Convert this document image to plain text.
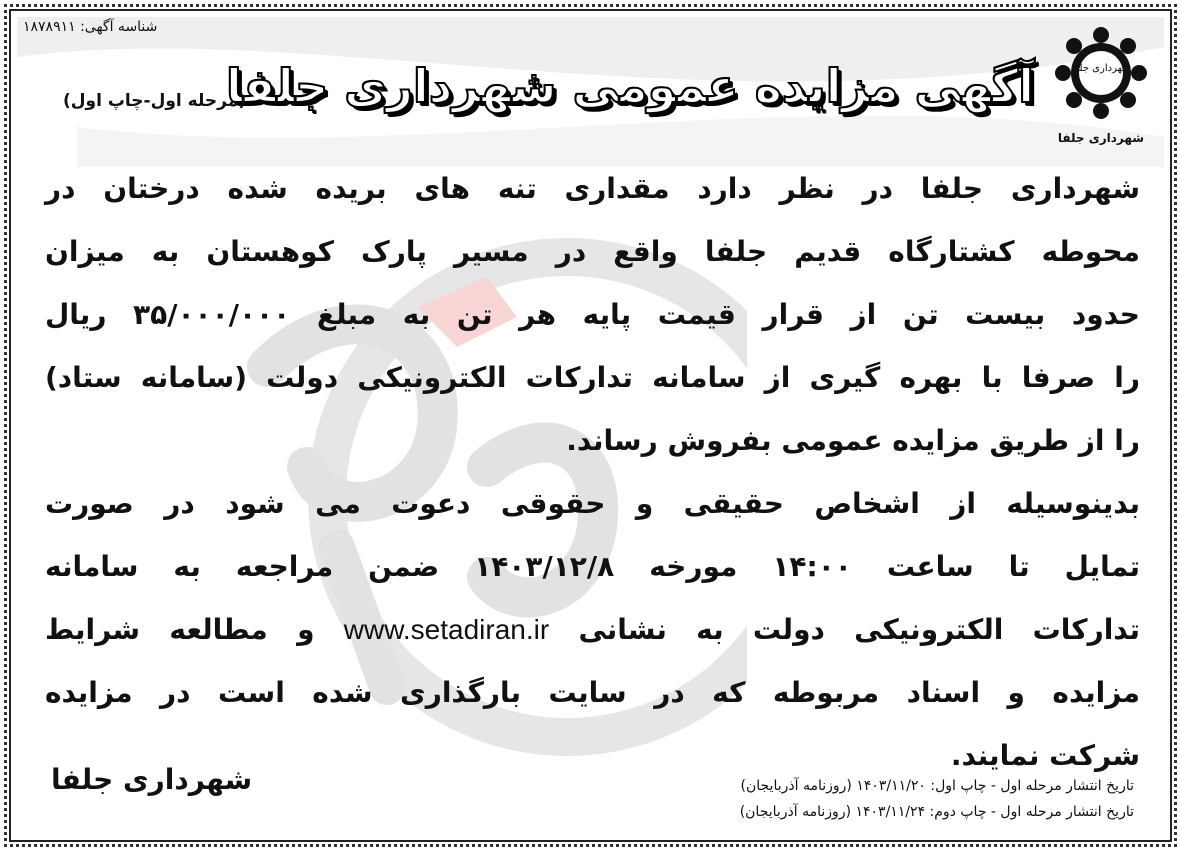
شناسه آگهی: ۱۸۷۸۹۱۱
شهرداری جلفا
شهرداری جلفا
آگهی مزایده عمومی شهرداری جلفا
(مرحله اول-چاپ اول)

شهرداری جلفا در نظر دارد مقداری تنه های بریده شده درختان در

محوطه کشتارگاه قدیم جلفا واقع در مسیر پارک کوهستان به میزان

حدود بیست تن از قرار قیمت پایه هر تن به مبلغ ۳۵/۰۰۰/۰۰۰ ریال

را صرفا با بهره گیری از سامانه تدارکات الکترونیکی دولت (سامانه ستاد)

را از طریق مزایده عمومی بفروش رساند.

بدینوسیله از اشخاص حقیقی و حقوقی دعوت می شود در صورت

تمایل تا ساعت ۱۴:۰۰ مورخه ۱۴۰۳/۱۲/۸ ضمن مراجعه به سامانه

تدارکات الکترونیکی دولت به نشانی www.setadiran.ir و مطالعه شرایط

مزایده و اسناد مربوطه که در سایت بارگذاری شده است در مزایده

شرکت نمایند.

شهرداری جلفا	تاریخ انتشار مرحله اول - چاپ اول: ۱۴۰۳/۱۱/۲۰ (روزنامه آذربایجان)
تاریخ انتشار مرحله اول - چاپ دوم: ۱۴۰۳/۱۱/۲۴ (روزنامه آذربایجان)
